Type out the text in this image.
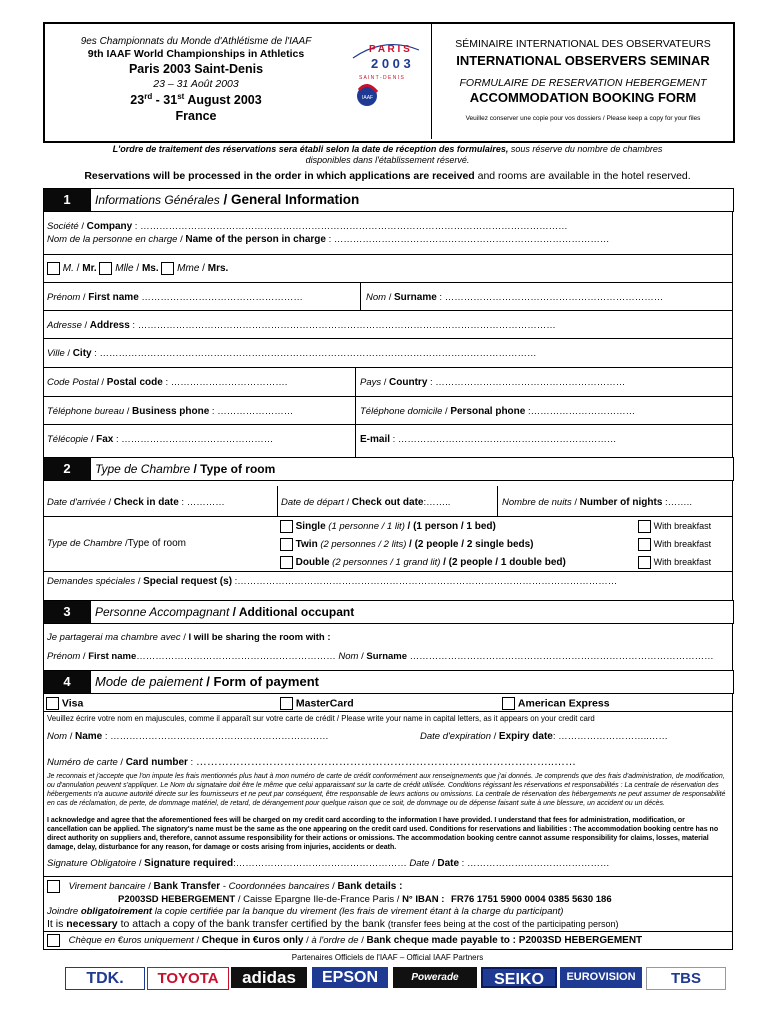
9es Championnats du Monde d'Athlétisme de l'IAAF
9th IAAF World Championships in Athletics
Paris 2003 Saint-Denis
23 – 31 Août 2003
23rd - 31st August 2003
France
P A R I S
2 0 0 3
S A I N T - D E N I S
IAAF
SÉMINAIRE INTERNATIONAL DES OBSERVATEURS
INTERNATIONAL OBSERVERS SEMINAR
FORMULAIRE DE RESERVATION HEBERGEMENT
ACCOMMODATION BOOKING FORM
Veuillez conserver une copie pour vos dossiers / Please keep a copy for your files
L'ordre de traitement des réservations sera établi selon la date de réception des formulaires, sous réserve du nombre de chambres
disponibles dans l'établissement réservé.
Reservations will be processed in the order in which applications are received and rooms are available in the hotel reserved.
1	Informations Générales / General Information
Société / Company : ………………………………………………………………………………………………………………………
Nom de la personne en charge / Name of the person in charge : ……………………………………………………………………………
M. / Mr. Mlle / Ms. Mme / Mrs.
Prénom / First name ……………………………………………	Nom / Surname : ……………………………………………………………
Adresse / Address : ……………………………………………………………………………………………………………………
Ville / City : …………………………………………………………………………………………………………………………
Code Postal / Postal code : ……………………………….	Pays / Country : ……………………………………………………
Téléphone bureau / Business phone : ……………………	Téléphone domicile / Personal phone :……………………………
Télécopie / Fax : …………………………………………	E-mail : ……………………………………………………………
2	Type de Chambre / Type of room
Date d'arrivée / Check in date : …………	Date de départ / Check out date:……..	Nombre de nuits / Number of nights :……..
Type de Chambre /Type of room
Single (1 personne / 1 lit) / (1 person / 1 bed)
Twin (2 personnes / 2 lits) / (2 people / 2 single beds)
Double (2 personnes / 1 grand lit) / (2 people / 1 double bed)
With breakfast
With breakfast
With breakfast
Demandes spéciales / Special request (s) :…………………………………………………………………………………………………………
3	Personne Accompagnant / Additional occupant
Je partagerai ma chambre avec / I will be sharing the room with :
Prénom / First name……………………………………………………… Nom / Surname ……………………………………………………………………………………
4	Mode de paiement / Form of payment
Visa	MasterCard	American Express
Veuillez écrire votre nom en majuscules, comme il apparaît sur votre carte de crédit / Please write your name in capital letters, as it appears on your credit card
Nom / Name : ……………………………………………………………	Date d'expiration / Expiry date: ………………………..……
Numéro de carte / Card number : ……………………………………………………………………………………..……
Je reconnais et j'accepte que l'on impute les frais mentionnés plus haut à mon numéro de carte de crédit conformément aux renseignements que j'ai donnés. Je comprends que des frais d'administration, de modification, ou d'annulation peuvent s'appliquer. Le Nom du signataire doit être le même que celui apparaissant sur la carte de crédit utilisée. Conditions régissant les réservations et responsabilités : La centrale de réservation des hébergements n'a aucune autorité directe sur les fournisseurs et ne peut par conséquent, être responsable de leurs actions ou omissions. La centrale de réservation des hébergements ne peut assumer de responsabilité en cas de réclamation, de perte, de dommage matériel, de retard, de dérangement pour quelque raison que ce soit, de dommage ou de dépense faisant suite à une blessure, un accident ou un décès.
I acknowledge and agree that the aforementioned fees will be charged on my credit card according to the information I have provided. I understand that fees for administration, modification, or cancellation can be applied. The signatory's name must be the same as the one appearing on the credit card used. Conditions for reservations and liabilities : The accommodation booking centre has no direct authority on suppliers and, therefore, cannot assume responsibility for their actions or omissions. The accommodation booking centre cannot assume responsibility for claims, losses, material damage, delay, disturbance for any reason, for damage or costs arising from injuries, accidents or death.
Signature Obligatoire / Signature required:……………………………………………… Date / Date : ………………………………………
Virement bancaire / Bank Transfer - Coordonnées bancaires / Bank details :
P2003SD HEBERGEMENT / Caisse Epargne Ile-de-France Paris / N° IBAN : FR76 1751 5900 0004 0385 5630 186
Joindre obligatoirement la copie certifiée par la banque du virement (les frais de virement étant à la charge du participant)
It is necessary to attach a copy of the bank transfer certified by the bank (transfer fees being at the cost of the participating person)
Chèque en €uros uniquement / Cheque in €uros only / à l'ordre de / Bank cheque made payable to : P2003SD HEBERGEMENT
Partenaires Officiels de l'IAAF – Official IAAF Partners
TDK.	TOYOTA	adidas	EPSON	Powerade	SEIKO	EUROVISION	TBS
